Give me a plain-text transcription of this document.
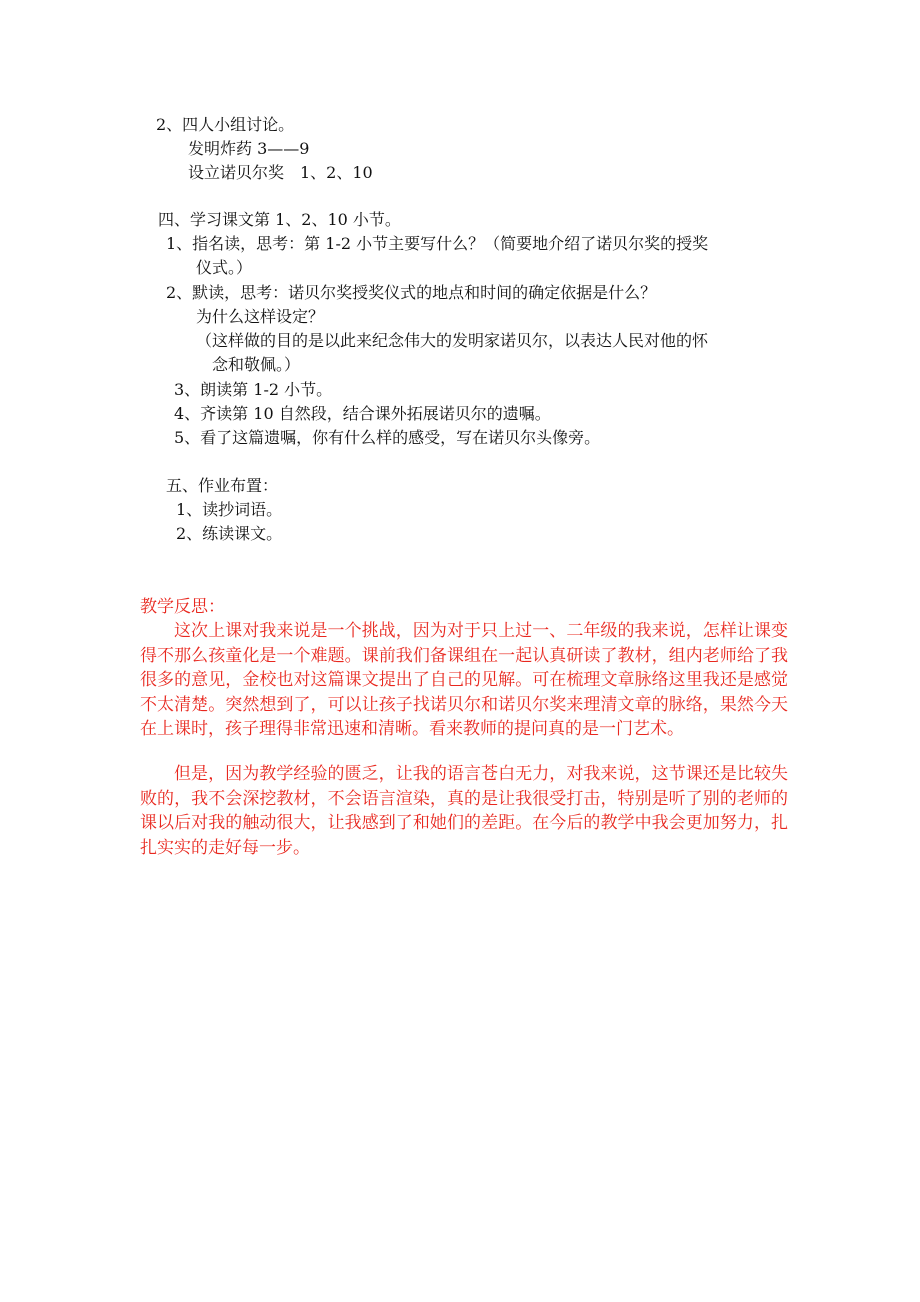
2、四人小组讨论。

发明炸药 3——9

设立诺贝尔奖　1、2、10

四、学习课文第 1、2、10 小节。

1、指名读，思考：第 1-2 小节主要写什么？（简要地介绍了诺贝尔奖的授奖

仪式。）

2、默读，思考：诺贝尔奖授奖仪式的地点和时间的确定依据是什么？

为什么这样设定？

（这样做的目的是以此来纪念伟大的发明家诺贝尔，以表达人民对他的怀

念和敬佩。）

3、朗读第 1-2 小节。

4、齐读第 10 自然段，结合课外拓展诺贝尔的遗嘱。

5、看了这篇遗嘱，你有什么样的感受，写在诺贝尔头像旁。

五、作业布置：

1、读抄词语。

2、练读课文。

教学反思：

这次上课对我来说是一个挑战，因为对于只上过一、二年级的我来说，怎样让课变得不那么孩童化是一个难题。课前我们备课组在一起认真研读了教材，组内老师给了我很多的意见，金校也对这篇课文提出了自己的见解。可在梳理文章脉络这里我还是感觉不太清楚。突然想到了，可以让孩子找诺贝尔和诺贝尔奖来理清文章的脉络，果然今天在上课时，孩子理得非常迅速和清晰。看来教师的提问真的是一门艺术。

但是，因为教学经验的匮乏，让我的语言苍白无力，对我来说，这节课还是比较失败的，我不会深挖教材，不会语言渲染，真的是让我很受打击，特别是听了别的老师的课以后对我的触动很大，让我感到了和她们的差距。在今后的教学中我会更加努力，扎扎实实的走好每一步。
